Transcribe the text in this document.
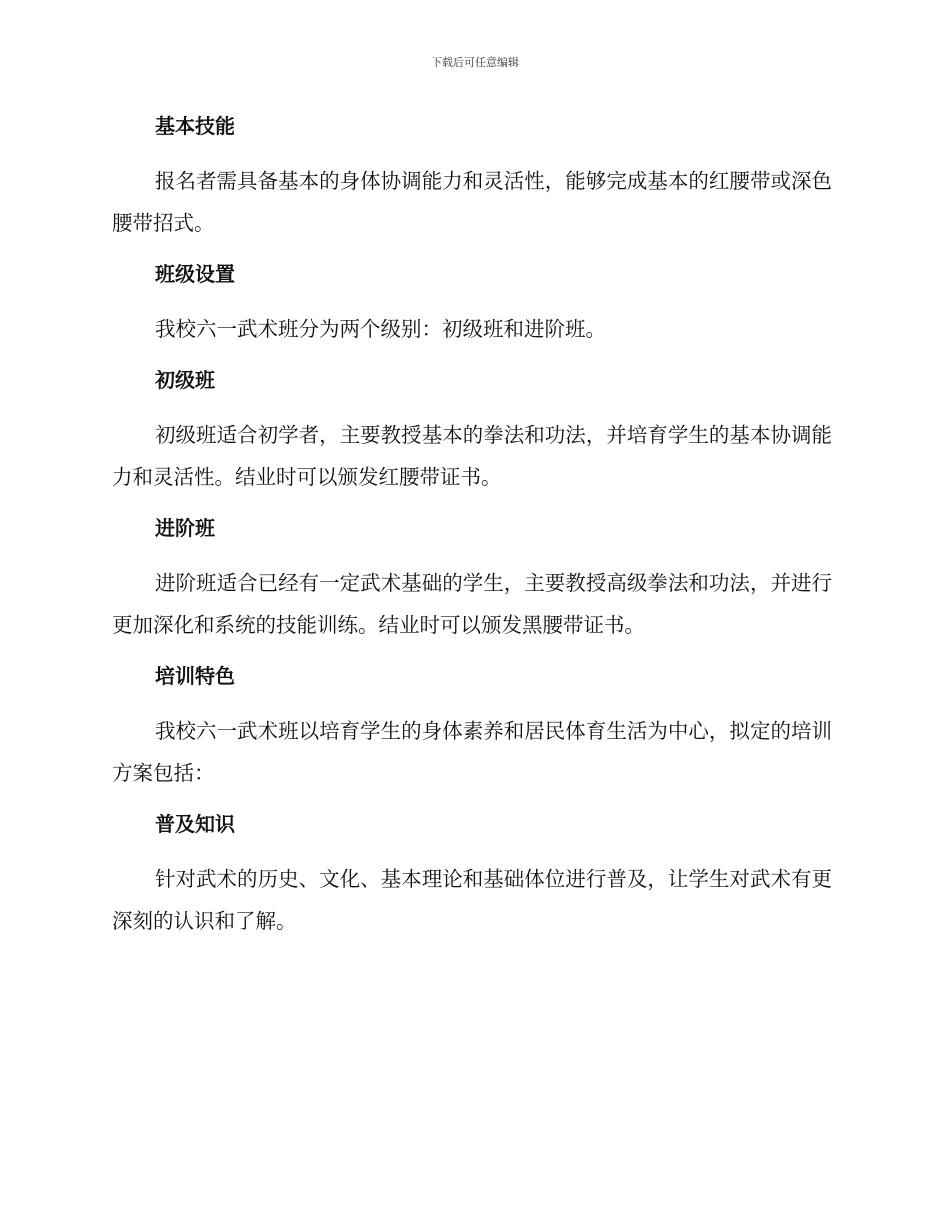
下载后可任意编辑
基本技能

报名者需具备基本的身体协调能力和灵活性，能够完成基本的红腰带或深色腰带招式。

班级设置

我校六一武术班分为两个级别：初级班和进阶班。

初级班

初级班适合初学者，主要教授基本的拳法和功法，并培育学生的基本协调能力和灵活性。结业时可以颁发红腰带证书。

进阶班

进阶班适合已经有一定武术基础的学生，主要教授高级拳法和功法，并进行更加深化和系统的技能训练。结业时可以颁发黑腰带证书。

培训特色

我校六一武术班以培育学生的身体素养和居民体育生活为中心，拟定的培训方案包括：

普及知识

针对武术的历史、文化、基本理论和基础体位进行普及，让学生对武术有更深刻的认识和了解。
